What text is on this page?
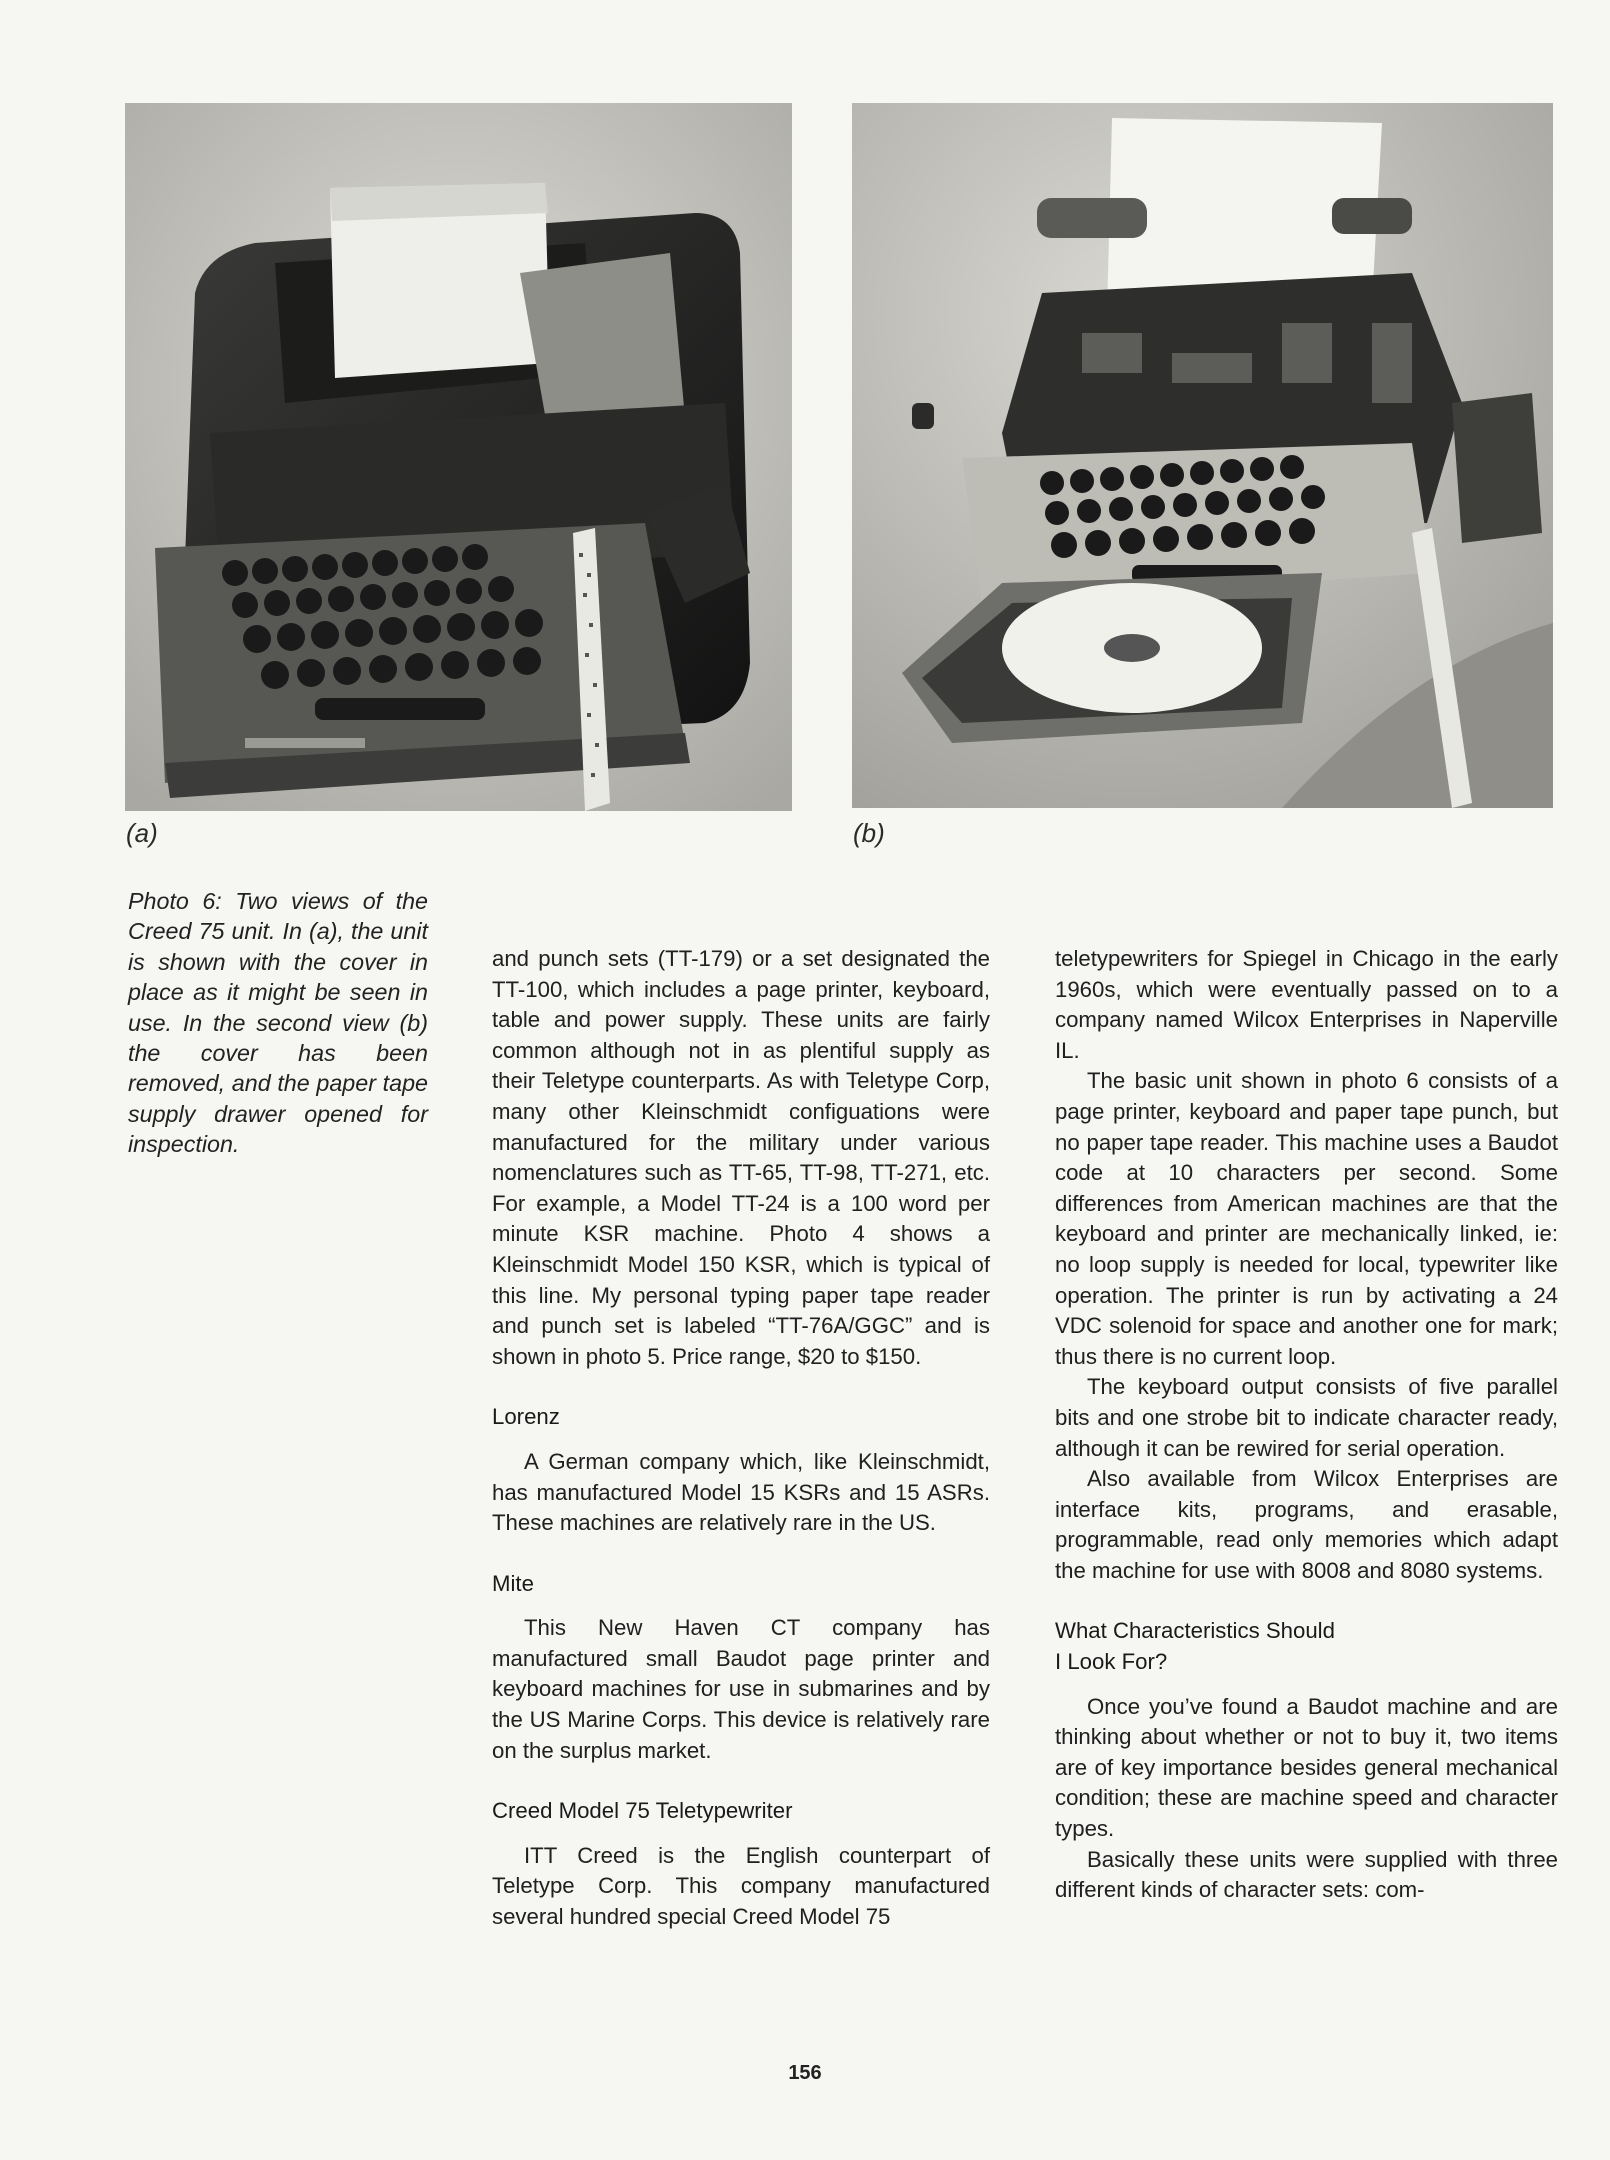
(a)	(b)
Photo 6: Two views of the Creed 75 unit. In (a), the unit is shown with the cover in place as it might be seen in use. In the second view (b) the cover has been removed, and the paper tape supply drawer opened for inspection.

and punch sets (TT-179) or a set designated the TT-100, which includes a page printer, keyboard, table and power supply. These units are fairly common although not in as plentiful supply as their Teletype counterparts. As with Teletype Corp, many other Kleinschmidt configuations were manufactured for the military under various nomenclatures such as TT-65, TT-98, TT-271, etc. For example, a Model TT-24 is a 100 word per minute KSR machine. Photo 4 shows a Kleinschmidt Model 150 KSR, which is typical of this line. My personal typing paper tape reader and punch set is labeled “TT-76A/GGC” and is shown in photo 5. Price range, $20 to $150.

Lorenz

A German company which, like Kleinschmidt, has manufactured Model 15 KSRs and 15 ASRs. These machines are relatively rare in the US.

Mite

This New Haven CT company has manufactured small Baudot page printer and keyboard machines for use in submarines and by the US Marine Corps. This device is relatively rare on the surplus market.

Creed Model 75 Teletypewriter

ITT Creed is the English counterpart of Teletype Corp. This company manufactured several hundred special Creed Model 75

teletypewriters for Spiegel in Chicago in the early 1960s, which were eventually passed on to a company named Wilcox Enterprises in Naperville IL.

The basic unit shown in photo 6 consists of a page printer, keyboard and paper tape punch, but no paper tape reader. This machine uses a Baudot code at 10 characters per second. Some differences from American machines are that the keyboard and printer are mechanically linked, ie: no loop supply is needed for local, typewriter like operation. The printer is run by activating a 24 VDC solenoid for space and another one for mark; thus there is no current loop.

The keyboard output consists of five parallel bits and one strobe bit to indicate character ready, although it can be rewired for serial operation.

Also available from Wilcox Enterprises are interface kits, programs, and erasable, programmable, read only memories which adapt the machine for use with 8008 and 8080 systems.

What Characteristics Should
I Look For?

Once you’ve found a Baudot machine and are thinking about whether or not to buy it, two items are of key importance besides general mechanical condition; these are machine speed and character types.

Basically these units were supplied with three different kinds of character sets: com-

156
